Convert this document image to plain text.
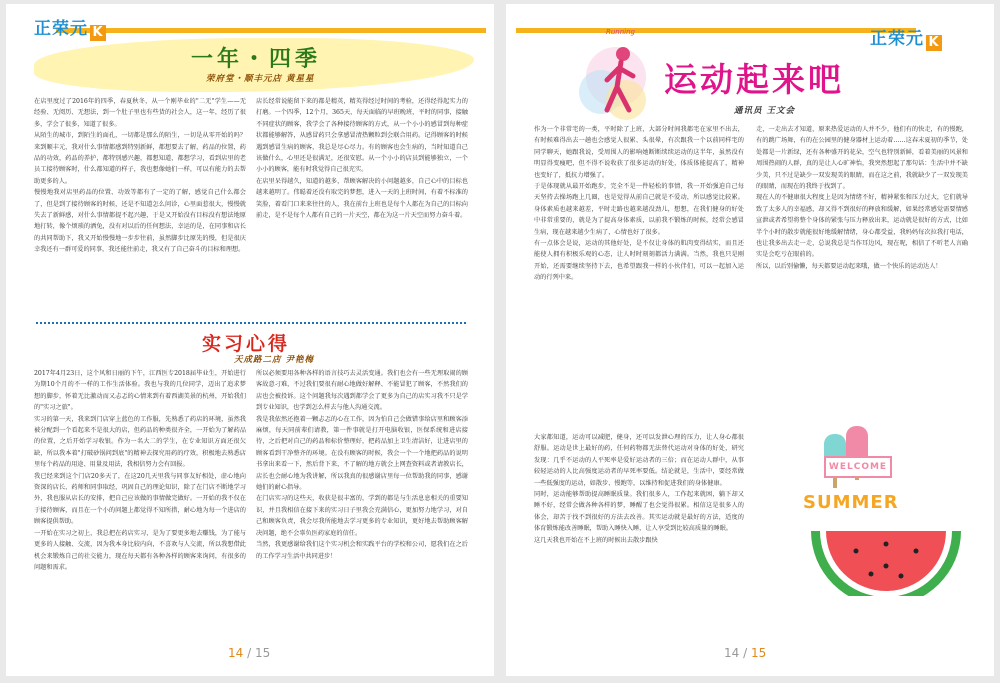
正荣元 K
一年・四季
荣府堂・顺丰元店 黄星星
在店里度过了2016年的四季，春夏秋冬，从一个刚毕业的"二无"学生——无经验、无阅历、无想法，到一个肚子里也有些货的社会人，这一年，经历了很多，学会了很多，知道了很多。
从陌生的城市，到陌生的面孔，一切都是那么的陌生，一切是从零开始的吗？来到顺丰元，我对什么事情都感到特别新鲜，都想要去了解，药品的位置，药品的功效，药品的养护，都特别感兴趣，都想知道，都想学习，看到店里的老员工接待顾客时，什么都知道的样子，我也想像她们一样，可以有能力的去帮助更多的人。
慢慢地我对店里药品的位置、功效等都有了一定的了解，感觉自己什么都会了，但是到了接待顾客的时候，还是不知道怎么问诊，心里面惹很大，慢慢就失去了新鲜感，对什么事情都提不起兴趣，于是又开始没有目标没有想法地原地打转，像个烦琐的洒兔，没有对以后的任何想法，幸运的是，在同事和店长的共同帮助下，我又开始慢慢地一步步往前，虽然脚步比原先的慢，但是很庆幸我还有一群可爱的同事，我还能往前走，我又有了自己奋斗的目标和理想。
店长经常说能留下来的都是精英，精英得经过时间的考验，还得经得起实力的打磨。一个四季，12个月，365天，每天面临的早班晚班，平时的同事，接触不同症状的顾客，我学会了各种接待顾客的方式，从一个小小的感冒到每种症状都能够解答，从感冒药只会拿感冒清热颗粒到会联合用药。记得顾客的时候遇到感冒生病的顾客，我总是尽心尽力。有的顾客也会生病的，当时知道自己该做什么，心里还是很满足，还很安慰。从一个小小的店员到能够独立，一个小小的顾客，能有时我觉得自己很充实。
在店里呆得越久，知道的越多，帮顾客解决的小问题越多，自己心中的目标也越来越明了。伟聪着还没有取完的梦想，进入一天的上班时间，有着不标准的笑脸，着看门口来来往往的人，我在前台上班也是每个人都在为自己的目标向前走，是不是每个人都有自己的一片天空，都在为这一片天空而努力奋斗着。
实习心得
天成路二店 尹艳梅
2017年4月23日，这个风和日丽的下午，江西医专2018届毕业生，开始进行为期10个月的不一样的工作生活体验。我也与我的几位同学，迈出了追求梦想的脚步，怀着无比激动而又忐忑的心情来到有着西湖美景的杭州，开始我们的"实习之旅"。
实习的第一天，我来到门店穿上蓝色的工作服，先熟悉了药店的环境，虽然我被分配到一个看起来不是很大的店，但药品的种类很齐全，一开始为了解药品的位置，之后开始学习收银。作为一名大二的学生，在专业知识方面还很欠缺，所以我本着"打破砂锅问到底"的精神去探究用药的疗效，积极地去熟悉店里每个药品的用途、用量及用法，我相信努力会有回报。
我已经来到这个门店20多天了，在这20几天里我与同事友好相处，虚心地向资深的店长、药师和同事取经，巩固自己的理论知识，除了在门店不断地学习外，我也服从店长的安排，把自己应该做的事情做完做好。一开始的我不仅在于接待顾客，而且在一个小的问题上都觉得不知所措，耐心地为每一个进店的顾客提供帮助。
一开始在实习之初上，我总把在药店实习，是为了要更多地去赚钱，为了能与更多的人接触、交流，因为我本身比较内向，不喜欢与人交流，所以我想借此机会来锻炼自己的社交能力，现在每天都有各种各样的顾客来询问，有很多的问题和需求。
所以必须要用各种各样的语言技巧去灵活变通。我们也会有一些无理取闹的顾客故意刁难，不过我们要很有耐心地做好解释、不能冒犯了顾客，不然我们的店也会被投诉。这个问题我每次遇到都学会了更多为自己的店实习我不只是学到专业知识，也学到怎么样去与他人沟通交流。
我是我依然还抱着一颗忐忑的心在工作，因为怕自己会做错事给店里和顾客添麻烦，每天同前辈们请教，第一件事就是打开电脑收银，医保系统和进店接待，之后把对自己的药品和标价整理好，把药品加上卫生清洁好，让进店里的顾客看到干净整齐的环境。在没有顾客的时候，我会一个一个地把药品的说明书拿出来看一下，然后背下来，不了解的地方就会上网查资料或者请教店长，店长也会耐心地为我讲解，所以我真的很感谢店里每一位帮助我的同事，感谢她们的耐心指导。
在门店实习的这些天，收获是很丰富的，学到的都是与生活息息相关的重要知识，并且我相信在接下来的实习日子里我会充满信心，更加努力地学习，对自己和顾客负责，我会尽我所能地去学习更多的专业知识，更好地去帮助顾客解决问题，绝不会辜负医药家庭的信任。
当然，我更感谢给我们这个实习机会和实践平台的学校和公司，愿我们在之后的工作学习生活中共同进步！
14 / 15
正荣元 K
Running
运动起来吧
通讯员 王文会
作为一个非常宅的一类，平时除了上班，大部分时间我都宅在家里不出去，有时候难得出去一趟也会感觉人很累、头很晕，有次跟我一个以前同样宅的同学聊天，她跟我说，受周围人的影响她断断续续运动的这半年，虽然没有明显得变瘦吧，但不得不说收获了很多运动的好处，体质体能提高了，精神也变好了，抵抗力增强了。
于是体现就从最开始跑步，完全不是一件轻松的事情，我一开始强迫自己每天坚持去操场跑上几圈，也是觉得从前自己就是不爱动，所以感觉比较累。身体素质也越来越差，平时走路也越来越没劲儿，想想，在我们健身的好处中非常重要的，就是为了提高身体素质，以前我不锻炼的时候，经常会感冒生病，现在越来越少生病了，心情也好了很多。
有一点体会是说，运动的其他好处，是不仅让身体的肌肉变得结实，而且还能使人拥有积极乐观的心态，让人时时刻刻都活力满满。当然，我也只是刚开始，还需要继续坚持下去，也希望跟我一样的小伙伴们，可以一起加入运动的行列中来。
走，一走出去才知道，原来热爱运动的人并不少，他们有的快走，有的慢跑，有的跳广场舞，有的在公园里的健身器材上运动着……这春末夏初的季节，处处都是一片新绿，还有各种盛开的花朵，空气也特别新鲜，看着美丽的风景和周围热闹的人群，真的是让人心旷神怡，我突然想起了那句话：生活中并不缺少美，只不过是缺少一双发现美的眼睛，而在这之前，我就缺少了一双发现美的眼睛，而现在的我终于找到了。
现在人的不健康很大程度上是因为情绪不好，精神紧张和压力过大，它们就导致了太多人的幸福感，却又得不到很好的释放和缓解，如果经常感觉需要情感宣泄或者希望将整个身体的紧张与压力释放出来，运动就是很好的方式，比如半个小时的散步就能很好地缓解情绪，身心都受益，我妈妈每次拉我打电话，也让我多出去走一走，总说我总是当作耳边风，现在呢，相信了不听老人言确实是会吃亏在眼前的。
所以，以后别偷懒，每天都要运动起来哦，做一个快乐的运动达人！
大家都知道，运动可以减肥，健身，还可以发泄心理的压力，让人身心都很舒服。运动是世上最好的药，任何药物都无法替代运动对身体的好处，研究发现：几乎不运动的人平死率是爱好运动者的三倍；而在运动人群中，从事较轻运动的人比高强度运动者的早死率要低。结论就是，生活中，要经常做一些低强度的运动，如散步、慢跑等，以维持和促进我们的身体健康。
同时，运动能够帮助提高睡眠质量。我们很多人，工作起来就困，躺下却又睡不好，经常会做各种各样的梦，睡醒了也会觉得很累。相信这是很多人的体会，却苦于找不到很好的方法去改善。其实运动就是最好的方法，适度的体育锻炼能改善睡眠，帮助入睡快入睡，让人享受到比较高质量的睡眠。
这几天我也开始在不上班的时候出去散步跟快
WELCOME
SUMMER
14 / 15
